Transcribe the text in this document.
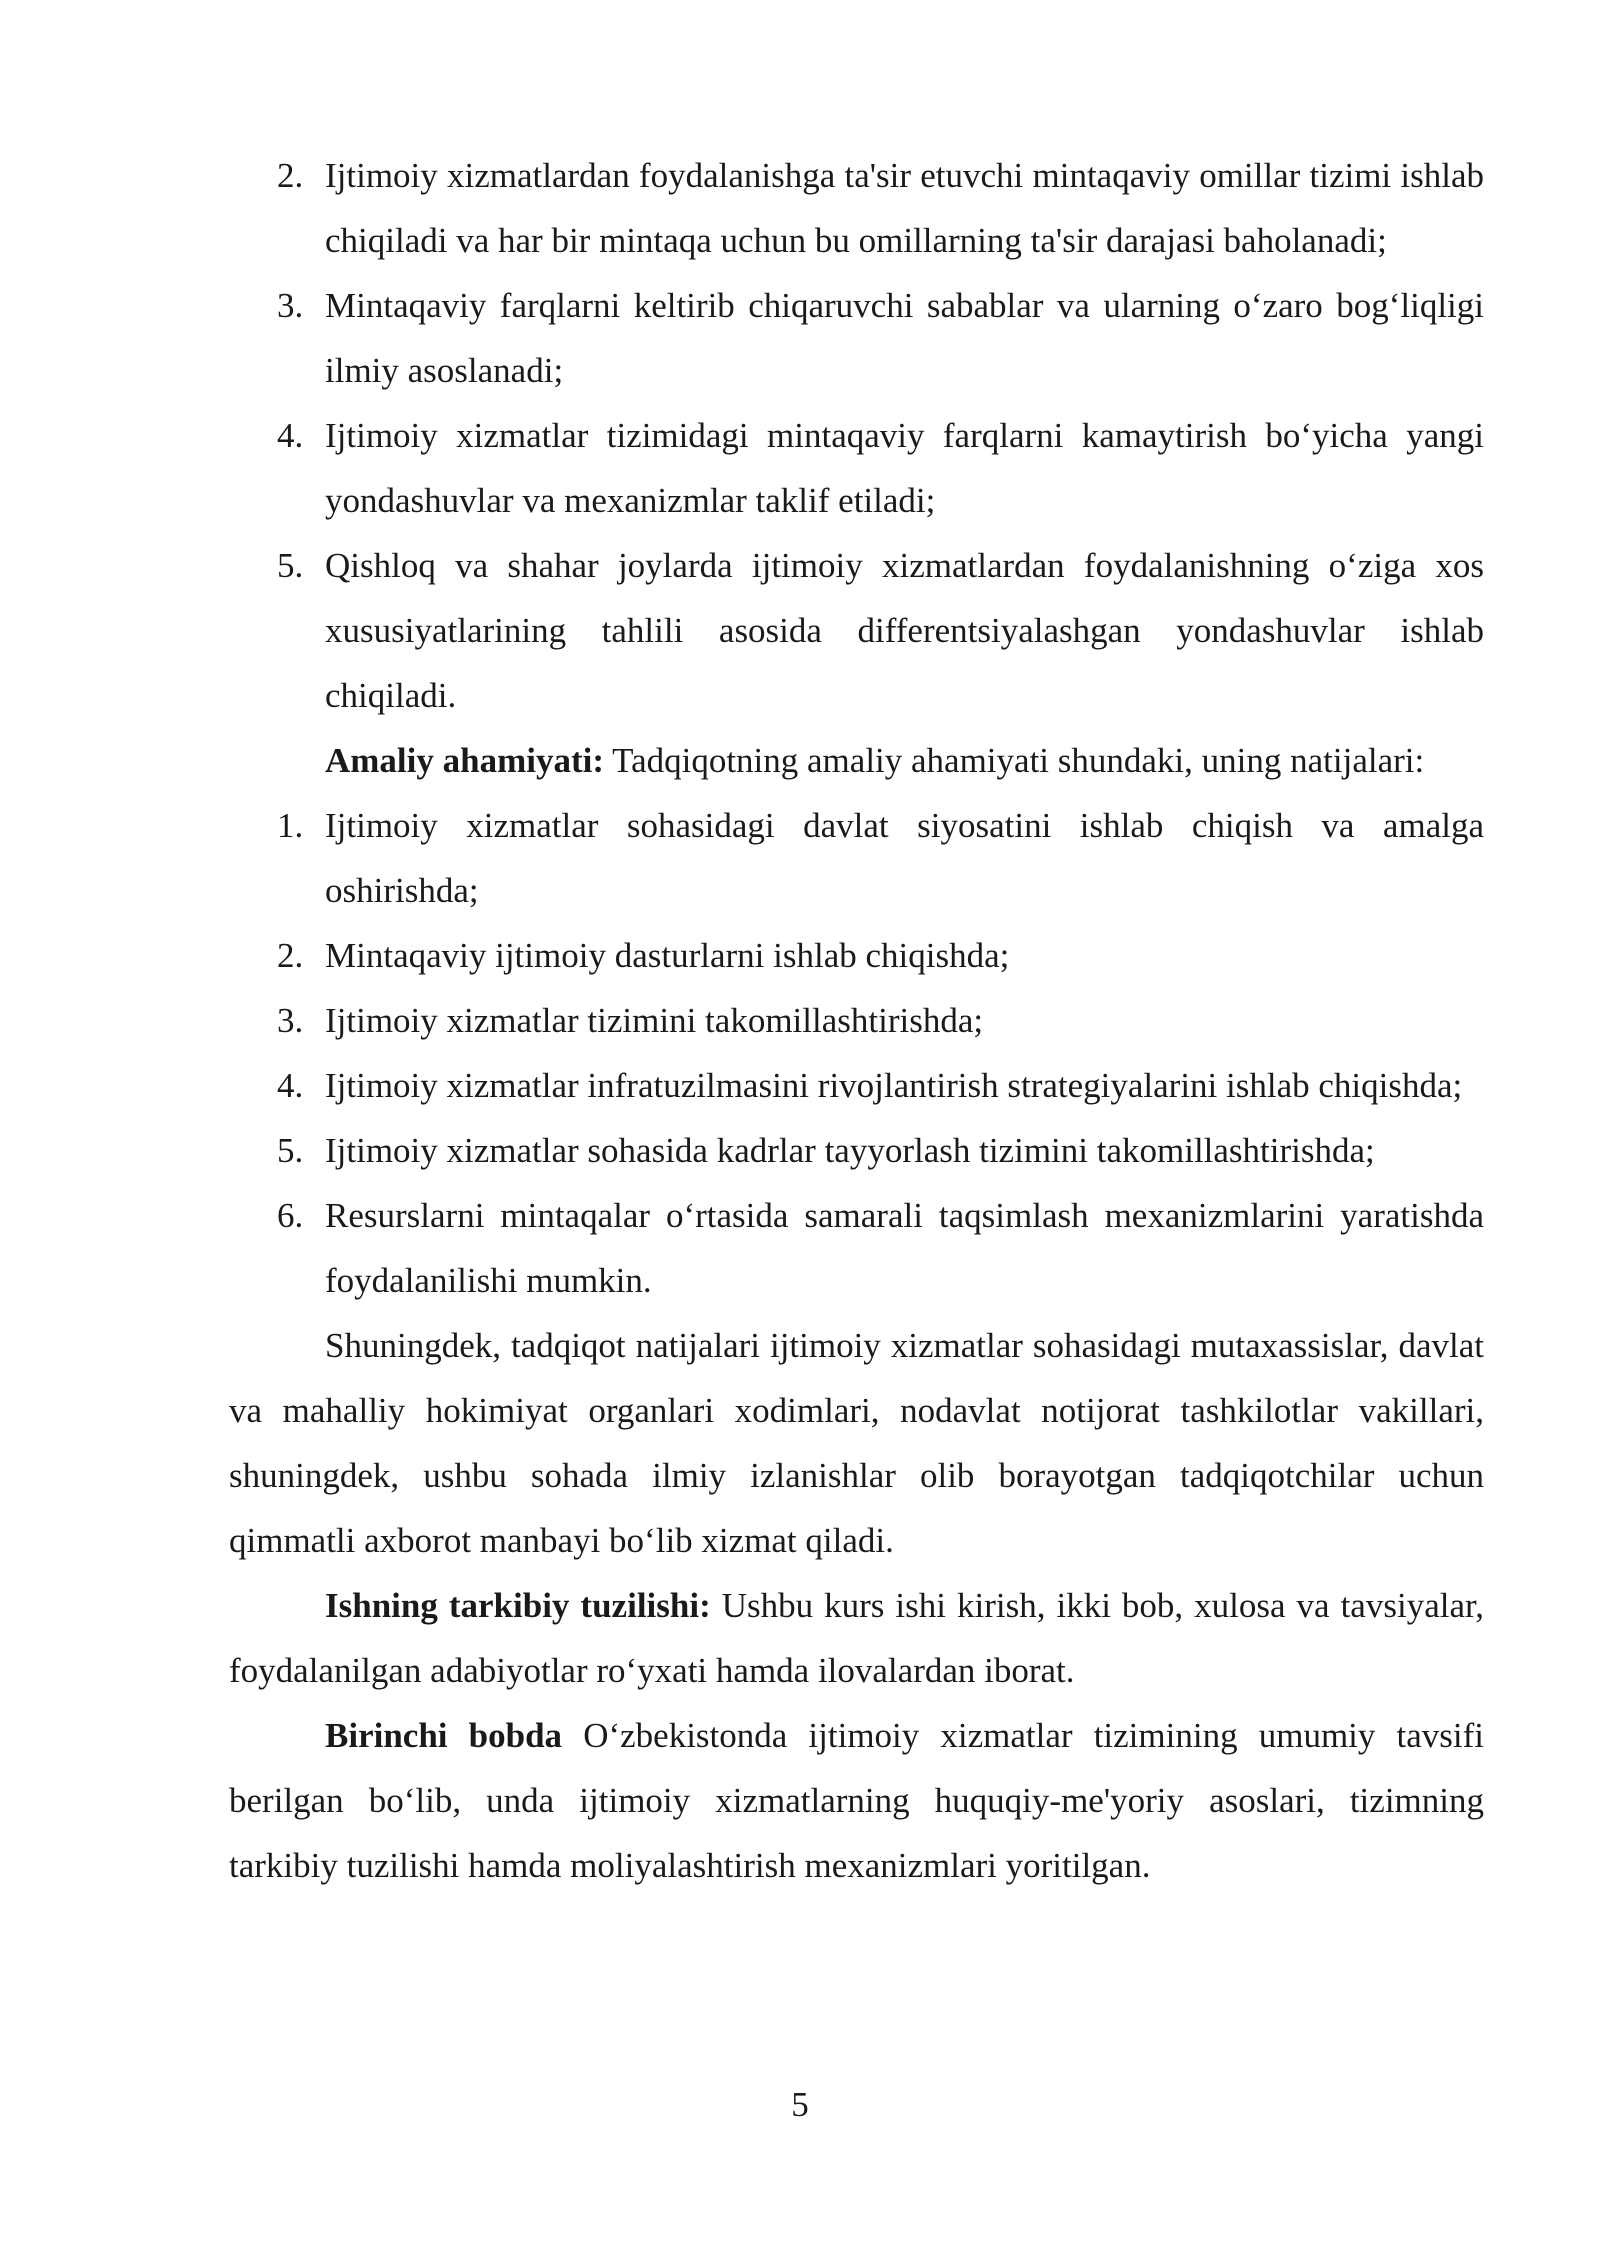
2. Ijtimoiy xizmatlardan foydalanishga ta'sir etuvchi mintaqaviy omillar tizimi ishlab chiqiladi va har bir mintaqa uchun bu omillarning ta'sir darajasi baholanadi;
3. Mintaqaviy farqlarni keltirib chiqaruvchi sabablar va ularning o‘zaro bog‘liqligi ilmiy asoslanadi;
4. Ijtimoiy xizmatlar tizimidagi mintaqaviy farqlarni kamaytirish bo‘yicha yangi yondashuvlar va mexanizmlar taklif etiladi;
5. Qishloq va shahar joylarda ijtimoiy xizmatlardan foydalanishning o‘ziga xos xususiyatlarining tahlili asosida differentsiyalashgan yondashuvlar ishlab chiqiladi.

Amaliy ahamiyati: Tadqiqotning amaliy ahamiyati shundaki, uning natijalari:

1. Ijtimoiy xizmatlar sohasidagi davlat siyosatini ishlab chiqish va amalga oshirishda;
2. Mintaqaviy ijtimoiy dasturlarni ishlab chiqishda;
3. Ijtimoiy xizmatlar tizimini takomillashtirishda;
4. Ijtimoiy xizmatlar infratuzilmasini rivojlantirish strategiyalarini ishlab chiqishda;
5. Ijtimoiy xizmatlar sohasida kadrlar tayyorlash tizimini takomillashtirishda;
6. Resurslarni mintaqalar o‘rtasida samarali taqsimlash mexanizmlarini yaratishda foydalanilishi mumkin.

Shuningdek, tadqiqot natijalari ijtimoiy xizmatlar sohasidagi mutaxassislar, davlat va mahalliy hokimiyat organlari xodimlari, nodavlat notijorat tashkilotlar vakillari, shuningdek, ushbu sohada ilmiy izlanishlar olib borayotgan tadqiqotchilar uchun qimmatli axborot manbayi bo‘lib xizmat qiladi.

Ishning tarkibiy tuzilishi: Ushbu kurs ishi kirish, ikki bob, xulosa va tavsiyalar, foydalanilgan adabiyotlar ro‘yxati hamda ilovalardan iborat.

Birinchi bobda O‘zbekistonda ijtimoiy xizmatlar tizimining umumiy tavsifi berilgan bo‘lib, unda ijtimoiy xizmatlarning huquqiy-me'yoriy asoslari, tizimning tarkibiy tuzilishi hamda moliyalashtirish mexanizmlari yoritilgan.

5
